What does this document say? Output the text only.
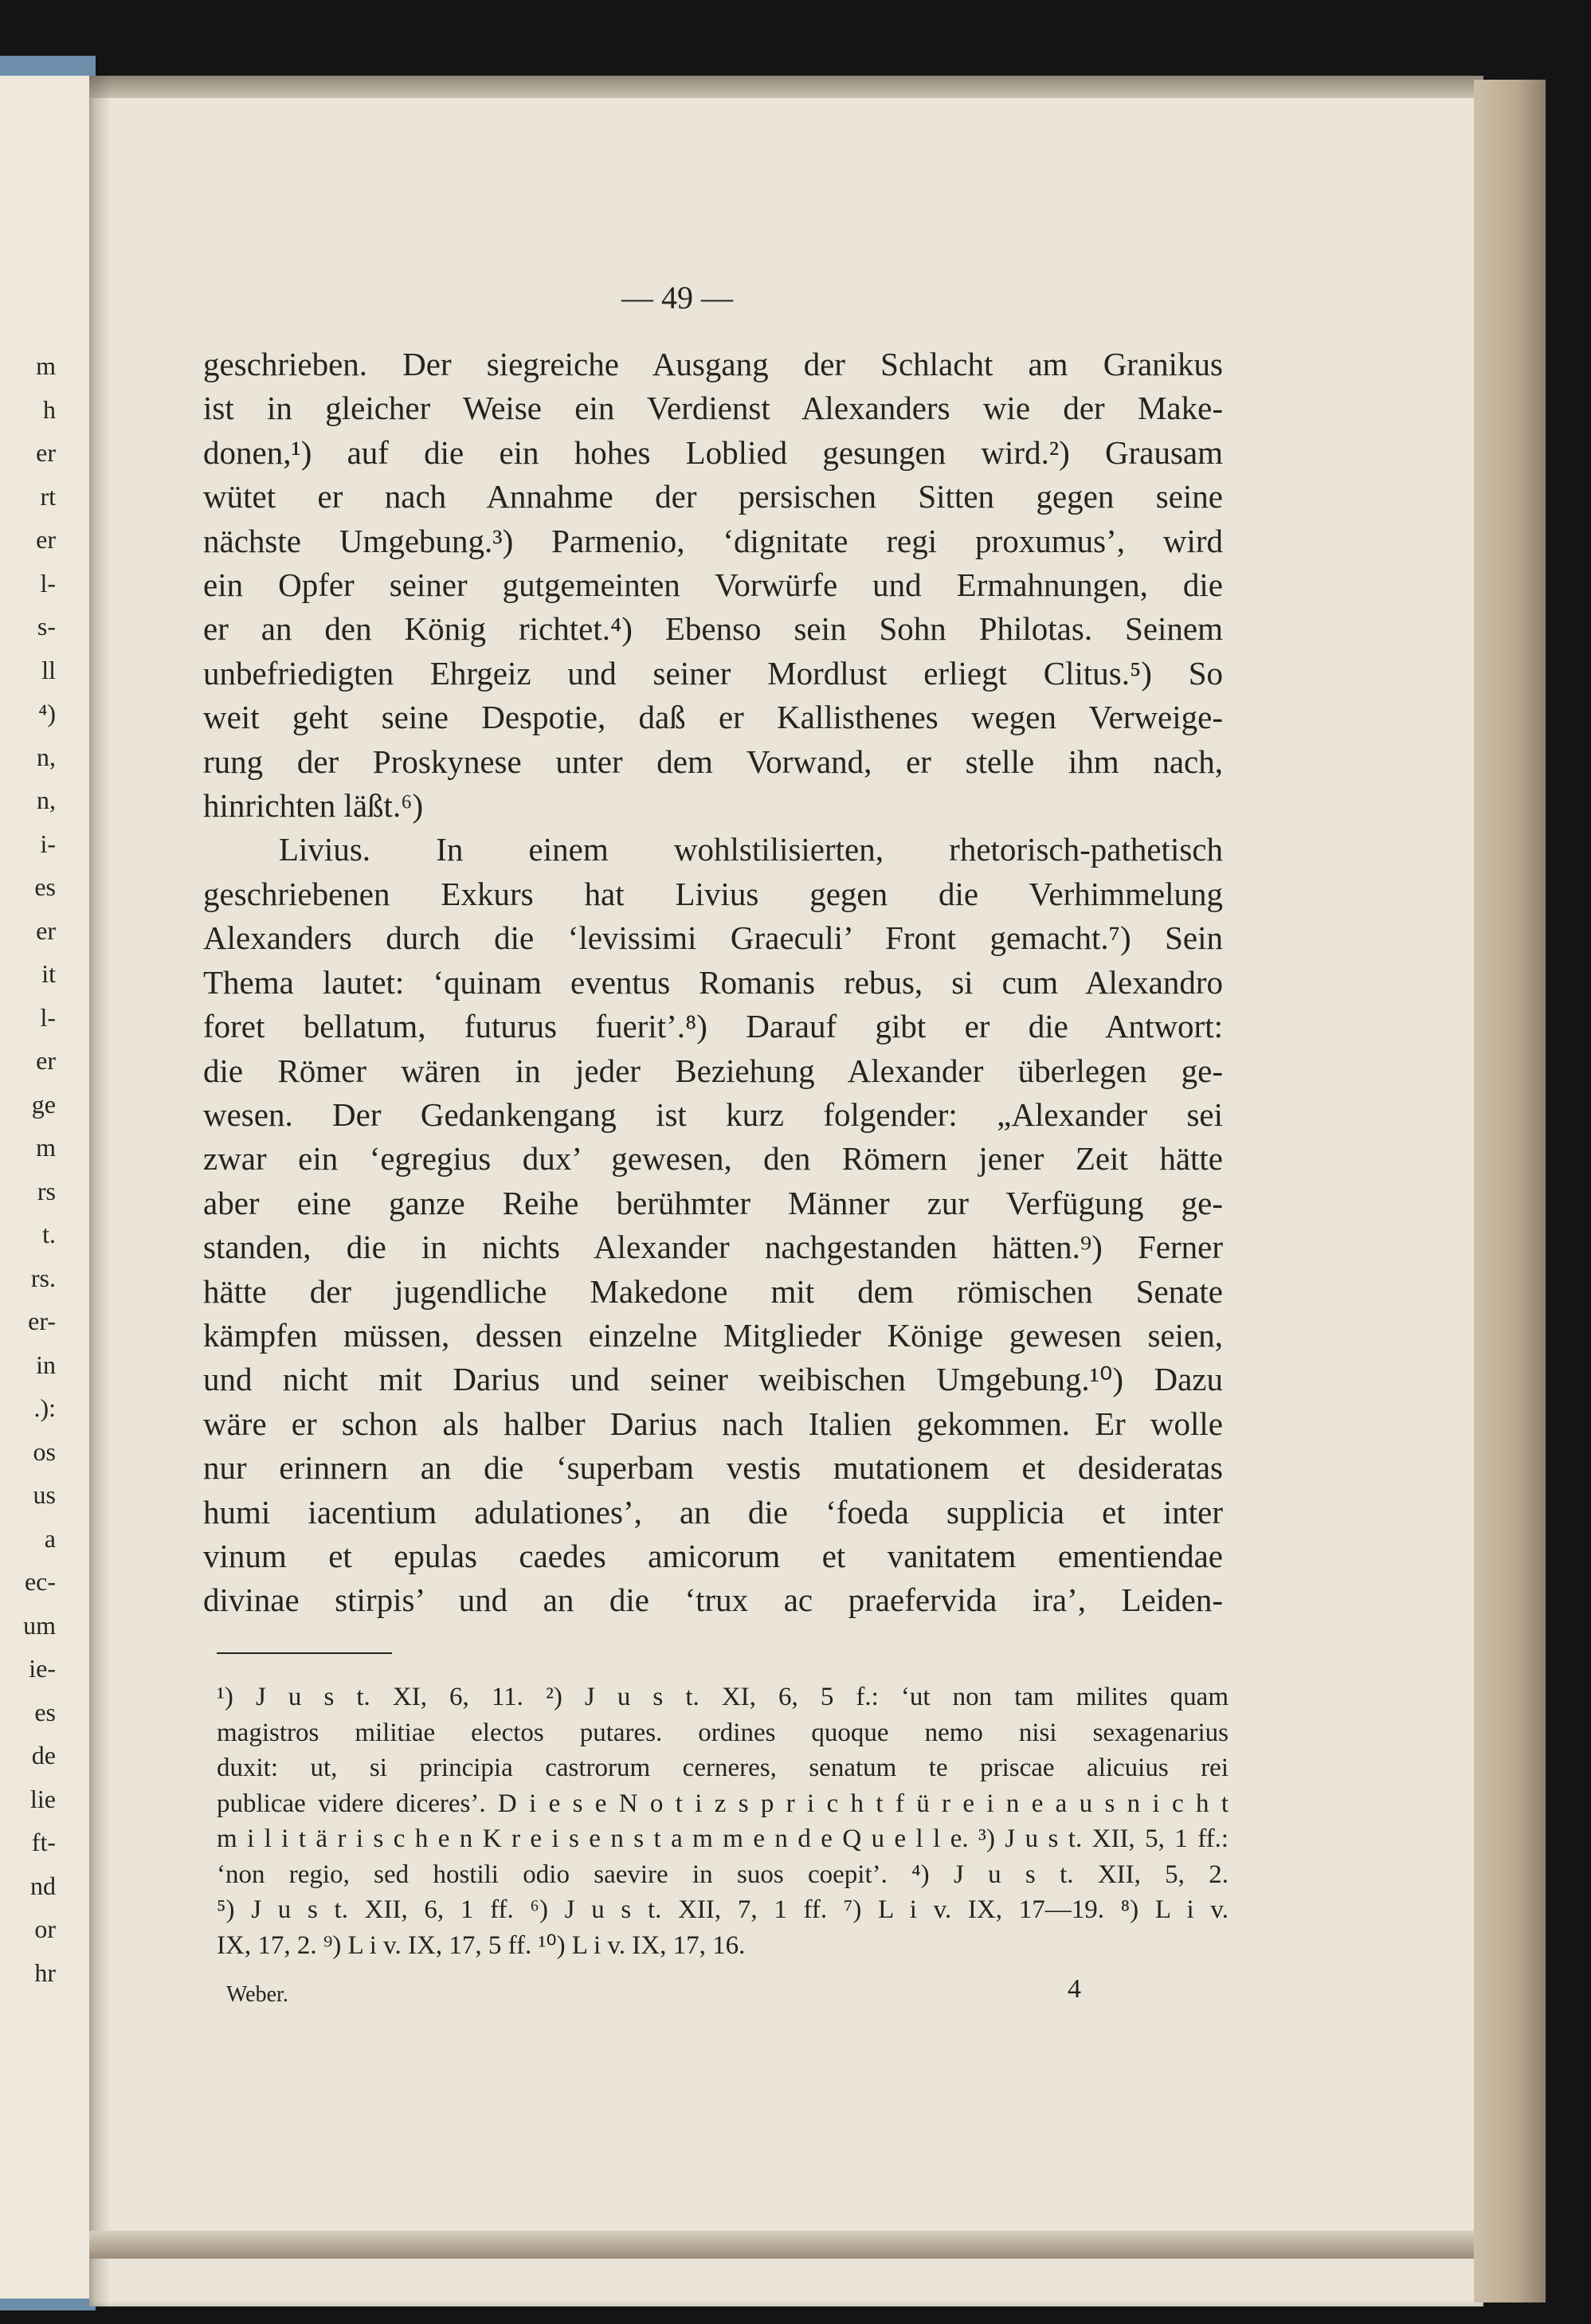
m
h
er
rt
er
l-
s-
ll
⁴)
n,
n,
i-
es
er
it
l-
er
ge
m
rs
t.
rs.
er-
in
.):
os
us
a
ec-
um
ie-
es
de
lie
ft-
nd
or
hr
— 49 —
geschrieben. Der siegreiche Ausgang der Schlacht am Granikus
ist in gleicher Weise ein Verdienst Alexanders wie der Make-
donen,¹) auf die ein hohes Loblied gesungen wird.²) Grausam
wütet er nach Annahme der persischen Sitten gegen seine
nächste Umgebung.³) Parmenio, ‘dignitate regi proxumus’, wird
ein Opfer seiner gutgemeinten Vorwürfe und Ermahnungen, die
er an den König richtet.⁴) Ebenso sein Sohn Philotas. Seinem
unbefriedigten Ehrgeiz und seiner Mordlust erliegt Clitus.⁵) So
weit geht seine Despotie, daß er Kallisthenes wegen Verweige-
rung der Proskynese unter dem Vorwand, er stelle ihm nach,
hinrichten läßt.⁶)
Livius. In einem wohlstilisierten, rhetorisch-pathetisch
geschriebenen Exkurs hat Livius gegen die Verhimmelung
Alexanders durch die ‘levissimi Graeculi’ Front gemacht.⁷) Sein
Thema lautet: ‘quinam eventus Romanis rebus, si cum Alexandro
foret bellatum, futurus fuerit’.⁸) Darauf gibt er die Antwort:
die Römer wären in jeder Beziehung Alexander überlegen ge-
wesen. Der Gedankengang ist kurz folgender: „Alexander sei
zwar ein ‘egregius dux’ gewesen, den Römern jener Zeit hätte
aber eine ganze Reihe berühmter Männer zur Verfügung ge-
standen, die in nichts Alexander nachgestanden hätten.⁹) Ferner
hätte der jugendliche Makedone mit dem römischen Senate
kämpfen müssen, dessen einzelne Mitglieder Könige gewesen seien,
und nicht mit Darius und seiner weibischen Umgebung.¹⁰) Dazu
wäre er schon als halber Darius nach Italien gekommen. Er wolle
nur erinnern an die ‘superbam vestis mutationem et desideratas
humi iacentium adulationes’, an die ‘foeda supplicia et inter
vinum et epulas caedes amicorum et vanitatem ementiendae
divinae stirpis’ und an die ‘trux ac praefervida ira’, Leiden-
¹) J u s t. XI, 6, 11. ²) J u s t. XI, 6, 5 f.: ‘ut non tam milites quam
magistros militiae electos putares. ordines quoque nemo nisi sexagenarius
duxit: ut, si principia castrorum cerneres, senatum te priscae alicuius rei
publicae videre diceres’. D i e s e N o t i z s p r i c h t f ü r e i n e a u s n i c h t
m i l i t ä r i s c h e n K r e i s e n s t a m m e n d e Q u e l l e. ³) J u s t. XII, 5, 1 ff.:
‘non regio, sed hostili odio saevire in suos coepit’. ⁴) J u s t. XII, 5, 2.
⁵) J u s t. XII, 6, 1 ff. ⁶) J u s t. XII, 7, 1 ff. ⁷) L i v. IX, 17—19. ⁸) L i v.
IX, 17, 2. ⁹) L i v. IX, 17, 5 ff. ¹⁰) L i v. IX, 17, 16.
Weber.	4
